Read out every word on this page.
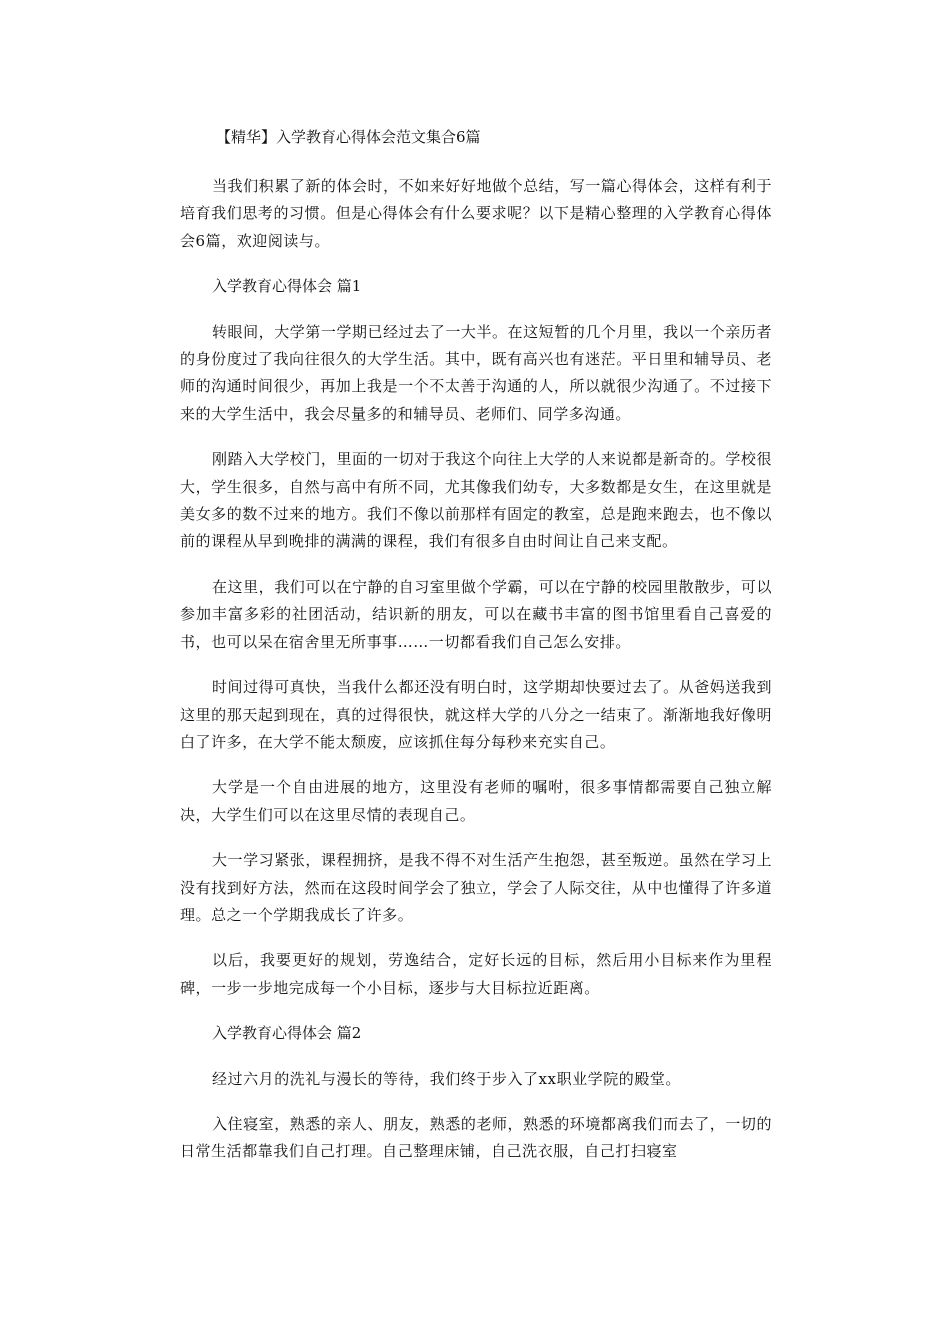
【精华】入学教育心得体会范文集合6篇

当我们积累了新的体会时，不如来好好地做个总结，写一篇心得体会，这样有利于培育我们思考的习惯。但是心得体会有什么要求呢？以下是精心整理的入学教育心得体会6篇，欢迎阅读与。

入学教育心得体会 篇1

转眼间，大学第一学期已经过去了一大半。在这短暂的几个月里，我以一个亲历者的身份度过了我向往很久的大学生活。其中，既有高兴也有迷茫。平日里和辅导员、老师的沟通时间很少，再加上我是一个不太善于沟通的人，所以就很少沟通了。不过接下来的大学生活中，我会尽量多的和辅导员、老师们、同学多沟通。

刚踏入大学校门，里面的一切对于我这个向往上大学的人来说都是新奇的。学校很大，学生很多，自然与高中有所不同，尤其像我们幼专，大多数都是女生，在这里就是美女多的数不过来的地方。我们不像以前那样有固定的教室，总是跑来跑去，也不像以前的课程从早到晚排的满满的课程，我们有很多自由时间让自己来支配。

在这里，我们可以在宁静的自习室里做个学霸，可以在宁静的校园里散散步，可以参加丰富多彩的社团活动，结识新的朋友，可以在藏书丰富的图书馆里看自己喜爱的书，也可以呆在宿舍里无所事事……一切都看我们自己怎么安排。

时间过得可真快，当我什么都还没有明白时，这学期却快要过去了。从爸妈送我到这里的那天起到现在，真的过得很快，就这样大学的八分之一结束了。渐渐地我好像明白了许多，在大学不能太颓废，应该抓住每分每秒来充实自己。

大学是一个自由进展的地方，这里没有老师的嘱咐，很多事情都需要自己独立解决，大学生们可以在这里尽情的表现自己。

大一学习紧张，课程拥挤，是我不得不对生活产生抱怨，甚至叛逆。虽然在学习上没有找到好方法，然而在这段时间学会了独立，学会了人际交往，从中也懂得了许多道理。总之一个学期我成长了许多。

以后，我要更好的规划，劳逸结合，定好长远的目标，然后用小目标来作为里程碑，一步一步地完成每一个小目标，逐步与大目标拉近距离。

入学教育心得体会 篇2

经过六月的洗礼与漫长的等待，我们终于步入了xx职业学院的殿堂。

入住寝室，熟悉的亲人、朋友，熟悉的老师，熟悉的环境都离我们而去了，一切的日常生活都靠我们自己打理。自己整理床铺，自己洗衣服，自己打扫寝室
